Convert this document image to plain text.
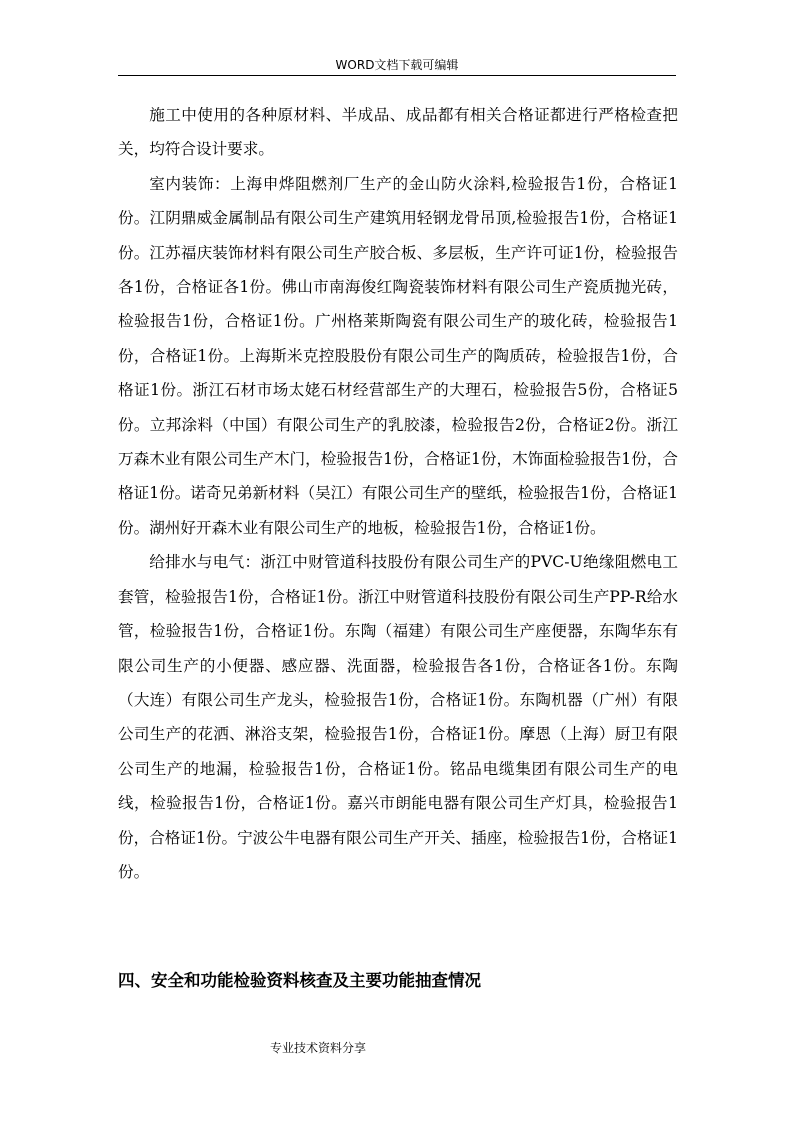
WORD文档下载可编辑

施工中使用的各种原材料、半成品、成品都有相关合格证都进行严格检查把关，均符合设计要求。

室内装饰：上海申烨阻燃剂厂生产的金山防火涂料,检验报告1份，合格证1份。江阴鼎威金属制品有限公司生产建筑用轻钢龙骨吊顶,检验报告1份，合格证1份。江苏福庆装饰材料有限公司生产胶合板、多层板，生产许可证1份，检验报告各1份，合格证各1份。佛山市南海俊红陶瓷装饰材料有限公司生产瓷质抛光砖，检验报告1份，合格证1份。广州格莱斯陶瓷有限公司生产的玻化砖，检验报告1份，合格证1份。上海斯米克控股股份有限公司生产的陶质砖，检验报告1份，合格证1份。浙江石材市场太姥石材经营部生产的大理石，检验报告5份，合格证5份。立邦涂料（中国）有限公司生产的乳胶漆，检验报告2份，合格证2份。浙江万森木业有限公司生产木门，检验报告1份，合格证1份，木饰面检验报告1份，合格证1份。诺奇兄弟新材料（吴江）有限公司生产的壁纸，检验报告1份，合格证1份。湖州好开森木业有限公司生产的地板，检验报告1份，合格证1份。

给排水与电气：浙江中财管道科技股份有限公司生产的PVC-U绝缘阻燃电工套管，检验报告1份，合格证1份。浙江中财管道科技股份有限公司生产PP-R给水管，检验报告1份，合格证1份。东陶（福建）有限公司生产座便器，东陶华东有限公司生产的小便器、感应器、洗面器，检验报告各1份，合格证各1份。东陶（大连）有限公司生产龙头，检验报告1份，合格证1份。东陶机器（广州）有限公司生产的花洒、淋浴支架，检验报告1份，合格证1份。摩恩（上海）厨卫有限公司生产的地漏，检验报告1份，合格证1份。铭品电缆集团有限公司生产的电线，检验报告1份，合格证1份。嘉兴市朗能电器有限公司生产灯具，检验报告1份，合格证1份。宁波公牛电器有限公司生产开关、插座，检验报告1份，合格证1份。

四、安全和功能检验资料核查及主要功能抽查情况
专业技术资料分享
